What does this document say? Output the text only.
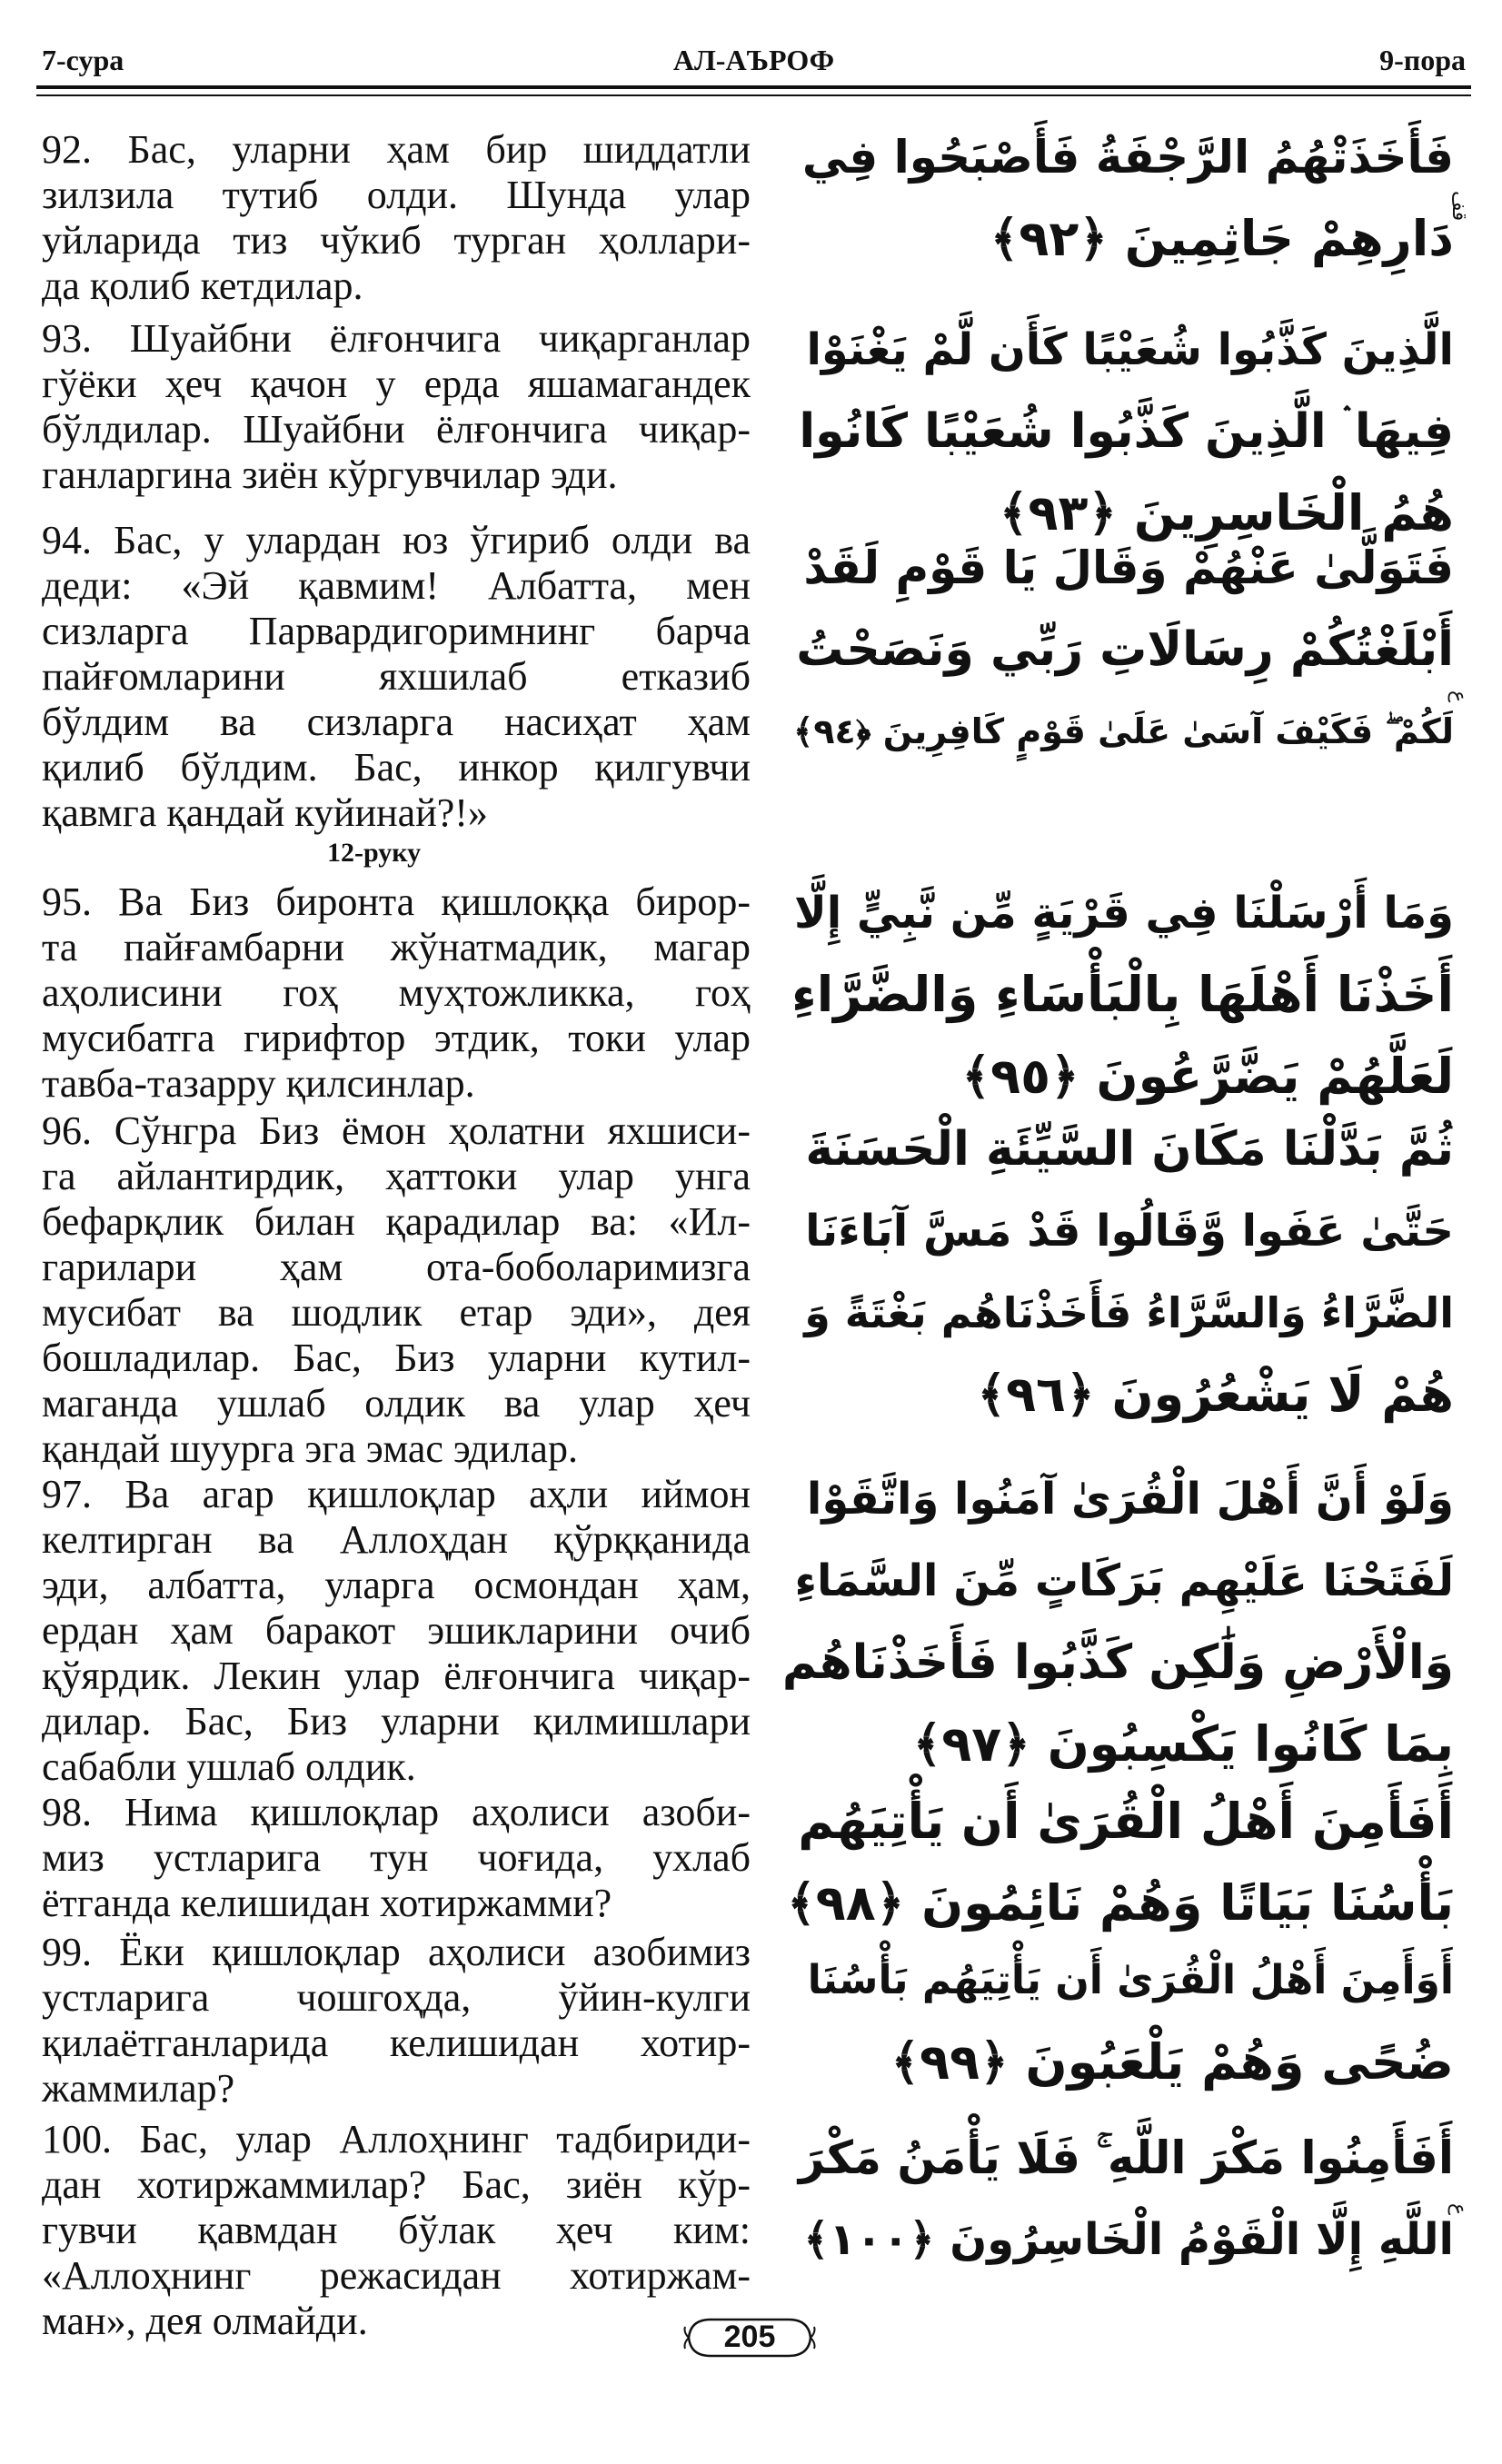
7-сура	АЛ-АЪРОФ	9-пора
92. Бас, уларни ҳам бир шиддатли
зилзила тутиб олди. Шунда улар
уйларида тиз чўкиб турган ҳоллари-
да қолиб кетдилар.
93. Шуайбни ёлғончига чиқарганлар
гўёки ҳеч қачон у ерда яшамагандек
бўлдилар. Шуайбни ёлғончига чиқар-
ганларгина зиён кўргувчилар эди.
94. Бас, у улардан юз ўгириб олди ва
деди: «Эй қавмим! Албатта, мен
сизларга Парвардигоримнинг барча
пайғомларини яхшилаб етказиб
бўлдим ва сизларга насиҳат ҳам
қилиб бўлдим. Бас, инкор қилгувчи
қавмга қандай куйинай?!»
12-руку
95. Ва Биз биронта қишлоққа бирор-
та пайғамбарни жўнатмадик, магар
аҳолисини гоҳ муҳтожликка, гоҳ
мусибатга гирифтор этдик, токи улар
тавба-тазарру қилсинлар.
96. Сўнгра Биз ёмон ҳолатни яхшиси-
га айлантирдик, ҳаттоки улар унга
бефарқлик билан қарадилар ва: «Ил-
гарилари ҳам ота-боболаримизга
мусибат ва шодлик етар эди», дея
бошладилар. Бас, Биз уларни кутил-
маганда ушлаб олдик ва улар ҳеч
қандай шуурга эга эмас эдилар.
97. Ва агар қишлоқлар аҳли иймон
келтирган ва Аллоҳдан қўрққанида
эди, албатта, уларга осмондан ҳам,
ердан ҳам баракот эшикларини очиб
қўярдик. Лекин улар ёлғончига чиқар-
дилар. Бас, Биз уларни қилмишлари
сабабли ушлаб олдик.
98. Нима қишлоқлар аҳолиси азоби-
миз устларига тун чоғида, ухлаб
ётганда келишидан хотиржамми?
99. Ёки қишлоқлар аҳолиси азобимиз
устларига чошгоҳда, ўйин-кулги
қилаётганларида келишидан хотир-
жаммилар?
100. Бас, улар Аллоҳнинг тадбириди-
дан хотиржаммилар? Бас, зиён кўр-
гувчи қавмдан бўлак ҳеч ким:
«Аллоҳнинг режасидан хотиржам-
ман», дея олмайди.
فَأَخَذَتْهُمُ الرَّجْفَةُ فَأَصْبَحُوا فِي
دَارِهِمْ جَاثِمِينَ ﴿٩٢﴾
الَّذِينَ كَذَّبُوا شُعَيْبًا كَأَن لَّمْ يَغْنَوْا
فِيهَا ۛ الَّذِينَ كَذَّبُوا شُعَيْبًا كَانُوا
هُمُ الْخَاسِرِينَ ﴿٩٣﴾
فَتَوَلَّىٰ عَنْهُمْ وَقَالَ يَا قَوْمِ لَقَدْ
أَبْلَغْتُكُمْ رِسَالَاتِ رَبِّي وَنَصَحْتُ
لَكُمْ ۖ فَكَيْفَ آسَىٰ عَلَىٰ قَوْمٍ كَافِرِينَ ﴿٩٤﴾
وَمَا أَرْسَلْنَا فِي قَرْيَةٍ مِّن نَّبِيٍّ إِلَّا
أَخَذْنَا أَهْلَهَا بِالْبَأْسَاءِ وَالضَّرَّاءِ
لَعَلَّهُمْ يَضَّرَّعُونَ ﴿٩٥﴾
ثُمَّ بَدَّلْنَا مَكَانَ السَّيِّئَةِ الْحَسَنَةَ
حَتَّىٰ عَفَوا وَّقَالُوا قَدْ مَسَّ آبَاءَنَا
الضَّرَّاءُ وَالسَّرَّاءُ فَأَخَذْنَاهُم بَغْتَةً وَ
هُمْ لَا يَشْعُرُونَ ﴿٩٦﴾
وَلَوْ أَنَّ أَهْلَ الْقُرَىٰ آمَنُوا وَاتَّقَوْا
لَفَتَحْنَا عَلَيْهِم بَرَكَاتٍ مِّنَ السَّمَاءِ
وَالْأَرْضِ وَلَٰكِن كَذَّبُوا فَأَخَذْنَاهُم
بِمَا كَانُوا يَكْسِبُونَ ﴿٩٧﴾
أَفَأَمِنَ أَهْلُ الْقُرَىٰ أَن يَأْتِيَهُم
بَأْسُنَا بَيَاتًا وَهُمْ نَائِمُونَ ﴿٩٨﴾
أَوَأَمِنَ أَهْلُ الْقُرَىٰ أَن يَأْتِيَهُم بَأْسُنَا
ضُحًى وَهُمْ يَلْعَبُونَ ﴿٩٩﴾
أَفَأَمِنُوا مَكْرَ اللَّهِ ۚ فَلَا يَأْمَنُ مَكْرَ
اللَّهِ إِلَّا الْقَوْمُ الْخَاسِرُونَ ﴿١٠٠﴾
قف
ع
ع
205
